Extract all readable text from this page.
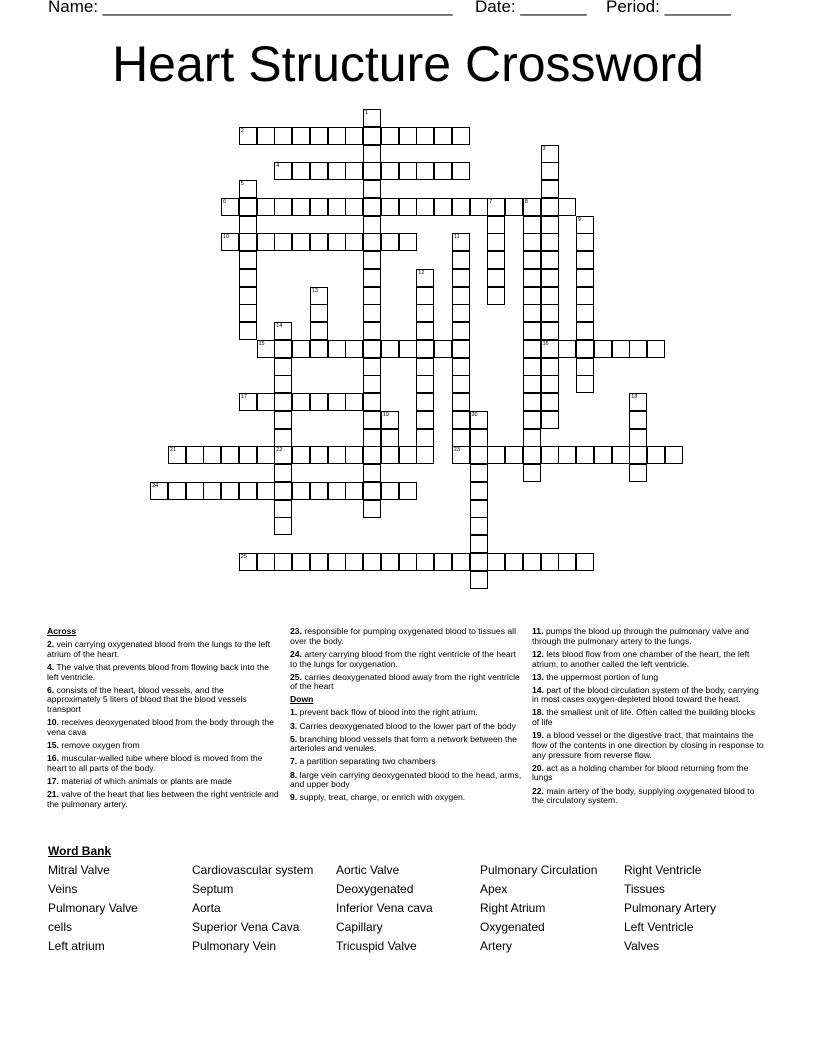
Name: _____________________________________ Date: _______ Period: _______
Heart Structure Crossword
1
2
3
16
4
5
6	7	8
9
10	11
23
12
13
14
22
15
17	18
19	20
21
24
25

Across

2. vein carrying oxygenated blood from the lungs to the left atrium of the heart.

4. The valve that prevents blood from flowing back into the left ventricle.

6. consists of the heart, blood vessels, and the approximately 5 liters of blood that the blood vessels transport

10. receives deoxygenated blood from the body through the vena cava

15. remove oxygen from

16. muscular-walled tube where blood is moved from the heart to all parts of the body.

17. material of which animals or plants are made

21. valve of the heart that lies between the right ventricle and the pulmonary artery.

23. responsible for pumping oxygenated blood to tissues all over the body.

24. artery carrying blood from the right ventricle of the heart to the lungs for oxygenation.

25. carries deoxygenated blood away from the right ventricle of the heart

Down

1. prevent back flow of blood into the right atrium.

3. Carries deoxygenated blood to the lower part of the body

5. branching blood vessels that form a network between the arterioles and venules.

7. a partition separating two chambers

8. large vein carrying deoxygenated blood to the head, arms, and upper body

9. supply, treat, charge, or enrich with oxygen.

11. pumps the blood up through the pulmonary valve and through the pulmonary artery to the lungs.

12. lets blood flow from one chamber of the heart, the left atrium, to another called the left ventricle.

13. the uppermost portion of lung

14. part of the blood circulation system of the body, carrying in most cases oxygen-depleted blood toward the heart.

18. the smallest unit of life. Often called the building blocks of life

19. a blood vessel or the digestive tract, that maintains the flow of the contents in one direction by closing in response to any pressure from reverse flow.

20. act as a holding chamber for blood returning from the lungs

22. main artery of the body, supplying oxygenated blood to the circulatory system.

Word Bank

Mitral Valve
Veins
Pulmonary Valve
cells
Left atrium
Cardiovascular system
Septum
Aorta
Superior Vena Cava
Pulmonary Vein
Aortic Valve
Deoxygenated
Inferior Vena cava
Capillary
Tricuspid Valve
Pulmonary Circulation
Apex
Right Atrium
Oxygenated
Artery
Right Ventricle
Tissues
Pulmonary Artery
Left Ventricle
Valves
